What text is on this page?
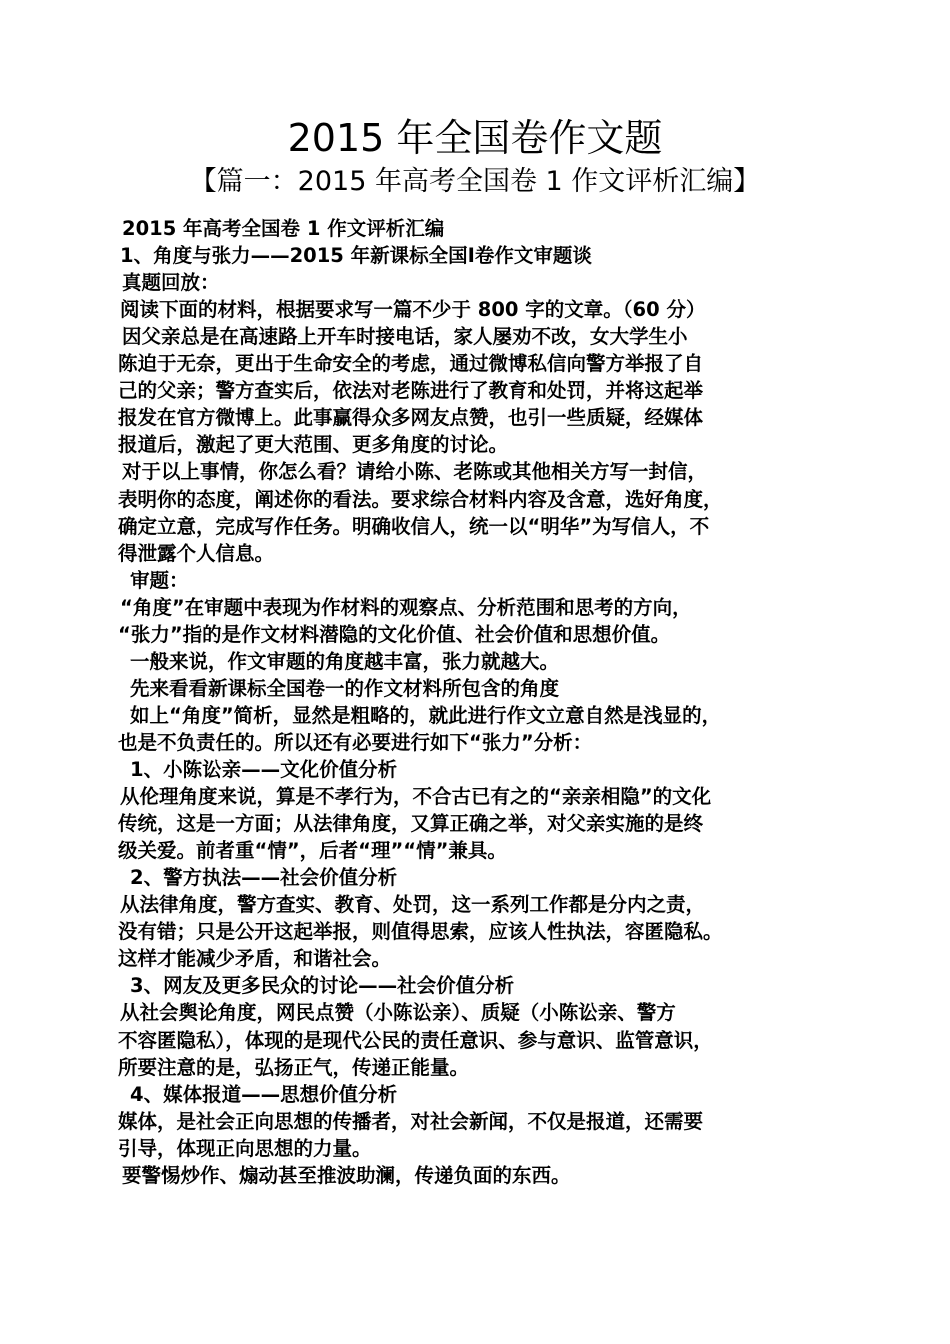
2015 年全国卷作文题
【篇一：2015 年高考全国卷 1 作文评析汇编】
2015 年高考全国卷 1 作文评析汇编
1、角度与张力——2015 年新课标全国Ⅰ卷作文审题谈
真题回放：
阅读下面的材料，根据要求写一篇不少于 800 字的文章。（60 分）
因父亲总是在高速路上开车时接电话，家人屡劝不改，女大学生小
陈迫于无奈，更出于生命安全的考虑，通过微博私信向警方举报了自
己的父亲；警方查实后，依法对老陈进行了教育和处罚，并将这起举
报发在官方微博上。此事赢得众多网友点赞，也引一些质疑，经媒体
报道后，激起了更大范围、更多角度的讨论。
对于以上事情，你怎么看？请给小陈、老陈或其他相关方写一封信，
表明你的态度，阐述你的看法。要求综合材料内容及含意，选好角度，
确定立意，完成写作任务。明确收信人，统一以“明华”为写信人，不
得泄露个人信息。
审题：
“角度”在审题中表现为作材料的观察点、分析范围和思考的方向，
“张力”指的是作文材料潜隐的文化价值、社会价值和思想价值。
一般来说，作文审题的角度越丰富，张力就越大。
先来看看新课标全国卷一的作文材料所包含的角度
如上“角度”简析，显然是粗略的，就此进行作文立意自然是浅显的，
也是不负责任的。所以还有必要进行如下“张力”分析：
1、小陈讼亲——文化价值分析
从伦理角度来说，算是不孝行为，不合古已有之的“亲亲相隐”的文化
传统，这是一方面；从法律角度，又算正确之举，对父亲实施的是终
级关爱。前者重“情”，后者“理”“情”兼具。
2、警方执法——社会价值分析
从法律角度，警方查实、教育、处罚，这一系列工作都是分内之责，
没有错；只是公开这起举报，则值得思索，应该人性执法，容匿隐私。
这样才能减少矛盾，和谐社会。
3、网友及更多民众的讨论——社会价值分析
从社会舆论角度，网民点赞（小陈讼亲）、质疑（小陈讼亲、警方
不容匿隐私），体现的是现代公民的责任意识、参与意识、监管意识，
所要注意的是，弘扬正气，传递正能量。
4、媒体报道——思想价值分析
媒体，是社会正向思想的传播者，对社会新闻，不仅是报道，还需要
引导，体现正向思想的力量。
要警惕炒作、煽动甚至推波助澜，传递负面的东西。
